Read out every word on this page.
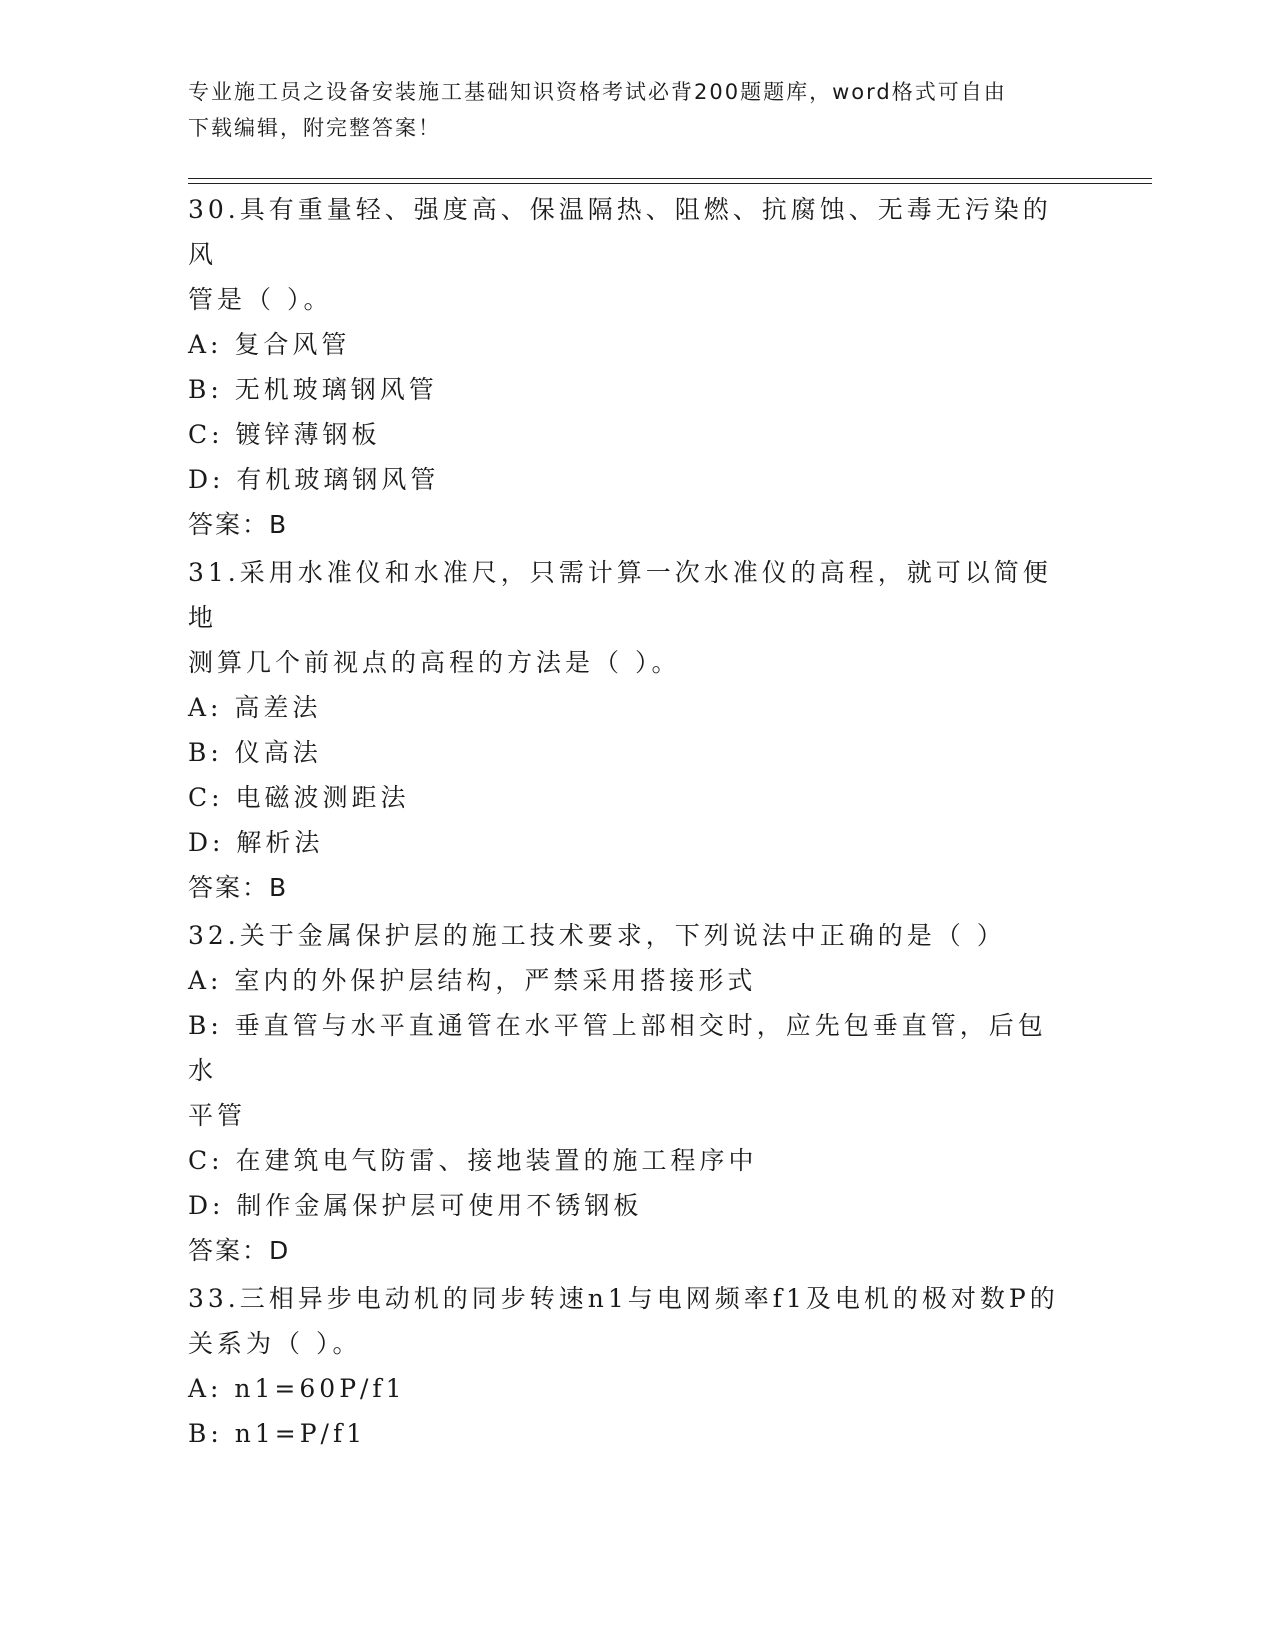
专业施工员之设备安装施工基础知识资格考试必背200题题库，word格式可自由
下载编辑，附完整答案！
30.具有重量轻、强度高、保温隔热、阻燃、抗腐蚀、无毒无污染的风
管是（ ）。
A: 复合风管
B: 无机玻璃钢风管
C: 镀锌薄钢板
D: 有机玻璃钢风管
答案：B
31.采用水准仪和水准尺，只需计算一次水准仪的高程，就可以简便地
测算几个前视点的高程的方法是（ ）。
A: 高差法
B: 仪高法
C: 电磁波测距法
D: 解析法
答案：B
32.关于金属保护层的施工技术要求，下列说法中正确的是（ ）
A: 室内的外保护层结构，严禁采用搭接形式
B: 垂直管与水平直通管在水平管上部相交时，应先包垂直管，后包水
平管
C: 在建筑电气防雷、接地装置的施工程序中
D: 制作金属保护层可使用不锈钢板
答案：D
33.三相异步电动机的同步转速n1与电网频率f1及电机的极对数P的
关系为（ ）。
A: n1=60P/f1
B: n1=P/f1
